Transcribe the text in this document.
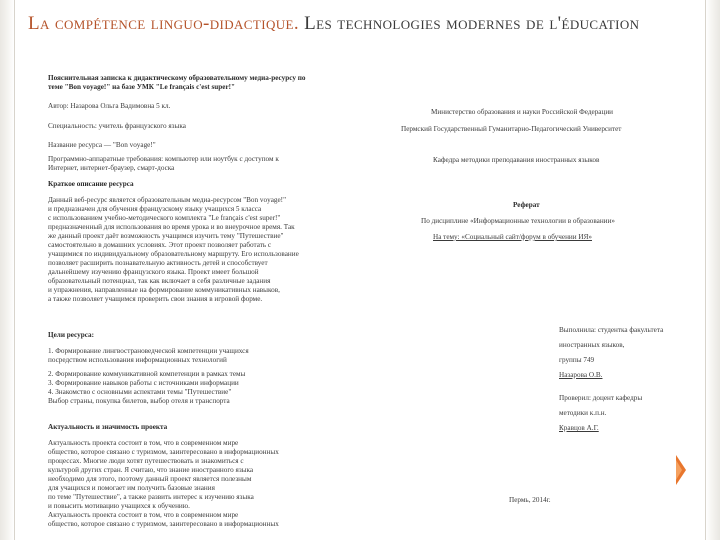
La compétence linguo-didactique. Les technologies modernes de l'éducation
Пояснительная записка к дидактическому образовательному медиа-ресурсу по
теме "Bon voyage!" на базе УМК "Le français c'est super!"
Автор: Назарова Ольга Вадимовна 5 кл.
Специальность: учитель французского языка
Название ресурса — "Bon voyage!"
Программно-аппаратные требования: компьютер или ноутбук с доступом к
Интернет, интернет-браузер, смарт-доска
Краткое описание ресурса
Данный веб-ресурс является образовательным медиа-ресурсом "Bon voyage!"
и предназначен для обучения французскому языку учащихся 5 класса
с использованием учебно-методического комплекта "Le français c'est super!"
предназначенный для использования во время урока и во внеурочное время. Так
же данный проект даёт возможность учащимся изучить тему "Путешествие"
самостоятельно в домашних условиях. Этот проект позволяет работать с
учащимися по индивидуальному образовательному маршруту. Его использование
позволяет расширить познавательную активность детей и способствует
дальнейшему изучению французского языка. Проект имеет большой
образовательный потенциал, так как включает в себя различные задания
и упражнения, направленные на формирование коммуникативных навыков,
а также позволяет учащимся проверить свои знания в игровой форме.
Цели ресурса:
1. Формирование лингвострановедческой компетенции учащихся
посредством использования информационных технологий
2. Формирование коммуникативной компетенции в рамках темы
3. Формирование навыков работы с источниками информации
4. Знакомство с основными аспектами темы "Путешествие"
Выбор страны, покупка билетов, выбор отеля и транспорта
Актуальность и значимость проекта
Актуальность проекта состоит в том, что в современном мире
общество, которое связано с туризмом, заинтересовано в информационных
процессах. Многие люди хотят путешествовать и знакомиться с
культурой других стран. Я считаю, что знание иностранного языка
необходимо для этого, поэтому данный проект является полезным
для учащихся и помогает им получить базовые знания
по теме "Путешествие", а также развить интерес к изучению языка
и повысить мотивацию учащихся к обучению.
Актуальность проекта состоит в том, что в современном мире
общество, которое связано с туризмом, заинтересовано в информационных
Министерство образования и науки Российской Федерации
Пермский Государственный Гуманитарно-Педагогический Университет
Кафедра методики преподавания иностранных языков
Реферат
По дисциплине «Информационные технологии в образовании»
На тему: «Социальный сайт/форум в обучении ИЯ»
Выполнила: студентка факультета
иностранных языков,
группы 749
Назарова О.В.
Проверил: доцент кафедры
методики к.п.н.
Кравцов А.Г.
Пермь, 2014г.
